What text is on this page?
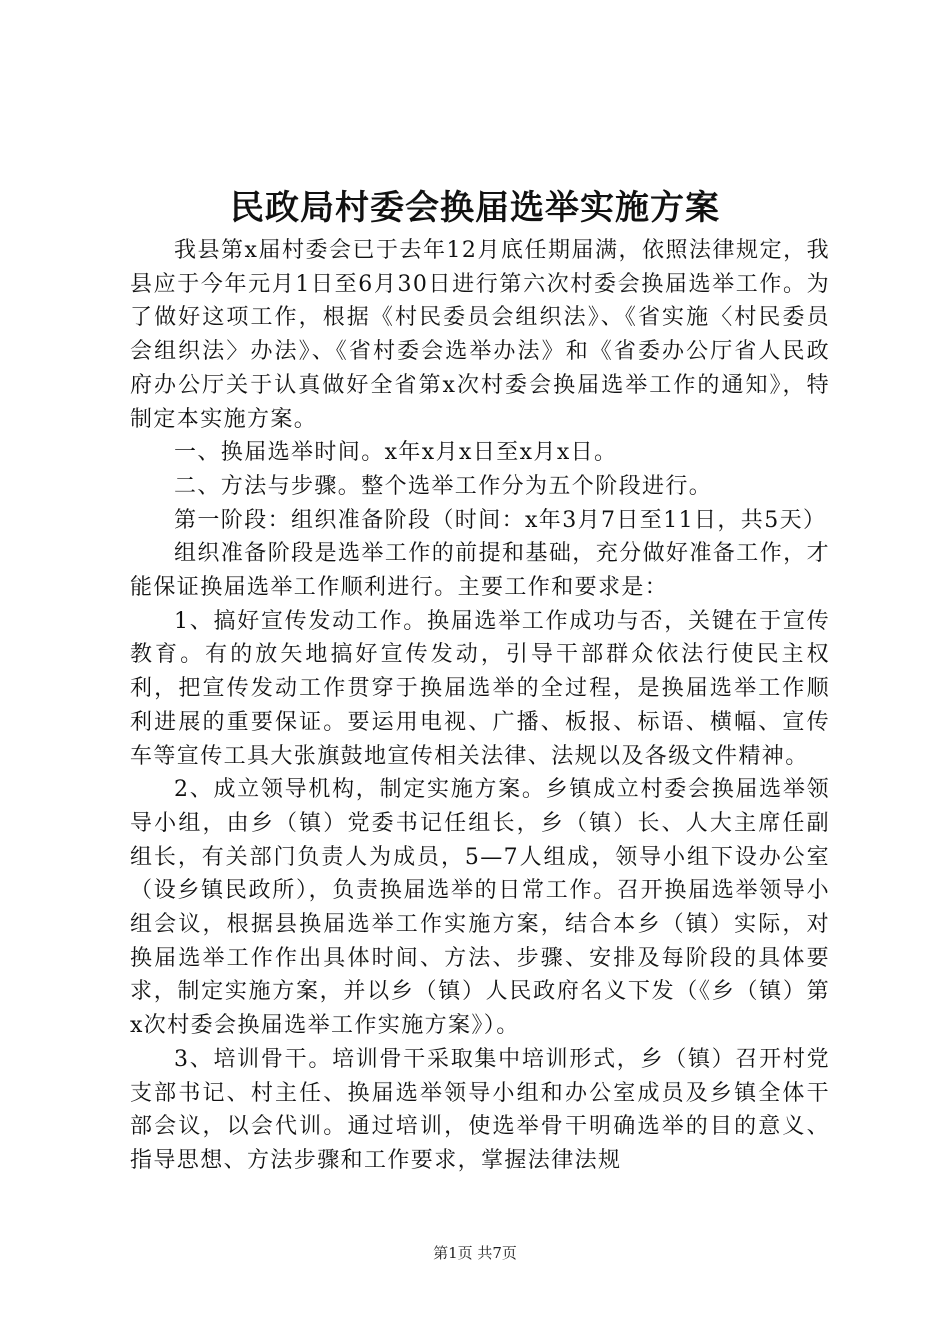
民政局村委会换届选举实施方案

我县第x届村委会已于去年12月底任期届满，依照法律规定，我县应于今年元月1日至6月30日进行第六次村委会换届选举工作。为了做好这项工作，根据《村民委员会组织法》、《省实施〈村民委员会组织法〉办法》、《省村委会选举办法》和《省委办公厅省人民政府办公厅关于认真做好全省第x次村委会换届选举工作的通知》，特制定本实施方案。

一、换届选举时间。x年x月x日至x月x日。

二、方法与步骤。整个选举工作分为五个阶段进行。

第一阶段：组织准备阶段（时间：x年3月7日至11日，共5天）

组织准备阶段是选举工作的前提和基础，充分做好准备工作，才能保证换届选举工作顺利进行。主要工作和要求是：

1、搞好宣传发动工作。换届选举工作成功与否，关键在于宣传教育。有的放矢地搞好宣传发动，引导干部群众依法行使民主权利，把宣传发动工作贯穿于换届选举的全过程，是换届选举工作顺利进展的重要保证。要运用电视、广播、板报、标语、横幅、宣传车等宣传工具大张旗鼓地宣传相关法律、法规以及各级文件精神。

2、成立领导机构，制定实施方案。乡镇成立村委会换届选举领导小组，由乡（镇）党委书记任组长，乡（镇）长、人大主席任副组长，有关部门负责人为成员，5—7人组成，领导小组下设办公室（设乡镇民政所），负责换届选举的日常工作。召开换届选举领导小组会议，根据县换届选举工作实施方案，结合本乡（镇）实际，对换届选举工作作出具体时间、方法、步骤、安排及每阶段的具体要求，制定实施方案，并以乡（镇）人民政府名义下发（《乡（镇）第x次村委会换届选举工作实施方案》）。

3、培训骨干。培训骨干采取集中培训形式，乡（镇）召开村党支部书记、村主任、换届选举领导小组和办公室成员及乡镇全体干部会议，以会代训。通过培训，使选举骨干明确选举的目的意义、指导思想、方法步骤和工作要求，掌握法律法规

第1页 共7页
